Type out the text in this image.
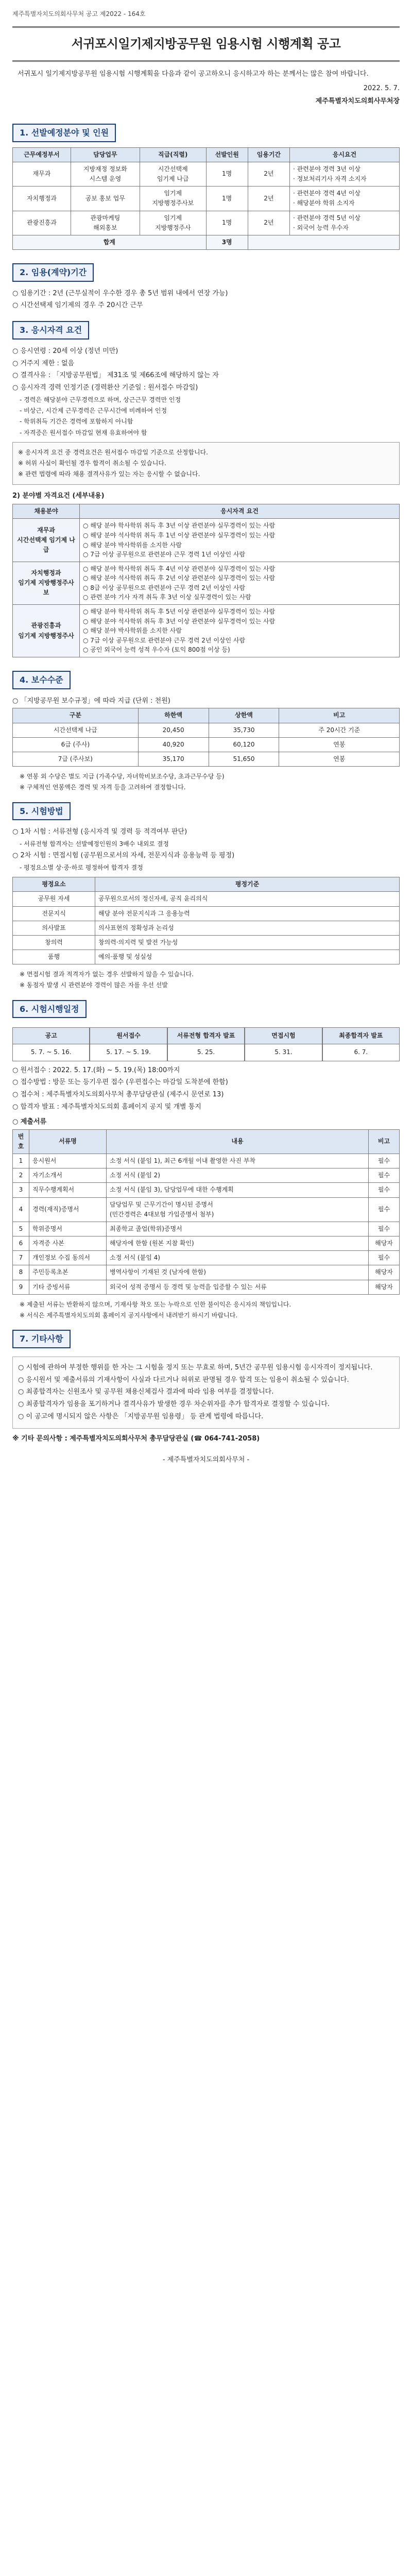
제주특별자치도의회사무처 공고 제2022 - 164호
서귀포시일기제지방공무원 임용시험 시행계획 공고
서귀포시 일기제지방공무원 임용시험 시행계획을 다음과 같이 공고하오니 응시하고자 하는 분께서는 많은 참여 바랍니다.
2022. 5. 7.
제주특별자치도의회사무처장
1. 선발예정분야 및 인원
근무예정부서	담당업무	직급(직렬)	선발인원	임용기간	응시요건
재무과	지방재정 정보화
시스템 운영	시간선택제
임기제 나급	1명	2년	· 관련분야 경력 3년 이상
· 정보처리기사 자격 소지자
자치행정과	공보 홍보 업무	임기제
지방행정주사보	1명	2년	· 관련분야 경력 4년 이상
· 해당분야 학위 소지자
관광진흥과	관광마케팅
해외홍보	임기제
지방행정주사	1명	2년	· 관련분야 경력 5년 이상
· 외국어 능력 우수자
합계			3명		
2. 임용(계약)기간
○ 임용기간 : 2년 (근무실적이 우수한 경우 총 5년 범위 내에서 연장 가능)
○ 시간선택제 임기제의 경우 주 20시간 근무
3. 응시자격 요건
○ 응시연령 : 20세 이상 (정년 미만)
○ 거주지 제한 : 없음
○ 결격사유 : 「지방공무원법」 제31조 및 제66조에 해당하지 않는 자
○ 응시자격 경력 인정기준 (경력환산 기준일 : 원서접수 마감일)
- 경력은 해당분야 근무경력으로 하며, 상근근무 경력만 인정
- 비상근, 시간제 근무경력은 근무시간에 비례하여 인정
- 학위취득 기간은 경력에 포함하지 아니함
- 자격증은 원서접수 마감일 현재 유효하여야 함
※ 응시자격 요건 중 경력요건은 원서접수 마감일 기준으로 산정합니다.
※ 허위 사실이 확인될 경우 합격이 취소될 수 있습니다.
※ 관련 법령에 따라 채용 결격사유가 있는 자는 응시할 수 없습니다.
2) 분야별 자격요건 (세부내용)
채용분야	응시자격 요건
재무과
시간선택제 임기제 나급	○ 해당 분야 학사학위 취득 후 3년 이상 관련분야 실무경력이 있는 사람
○ 해당 분야 석사학위 취득 후 1년 이상 관련분야 실무경력이 있는 사람
○ 해당 분야 박사학위를 소지한 사람
○ 7급 이상 공무원으로 관련분야 근무 경력 1년 이상인 사람
자치행정과
임기제 지방행정주사보	○ 해당 분야 학사학위 취득 후 4년 이상 관련분야 실무경력이 있는 사람
○ 해당 분야 석사학위 취득 후 2년 이상 관련분야 실무경력이 있는 사람
○ 8급 이상 공무원으로 관련분야 근무 경력 2년 이상인 사람
○ 관련 분야 기사 자격 취득 후 3년 이상 실무경력이 있는 사람
관광진흥과
임기제 지방행정주사	○ 해당 분야 학사학위 취득 후 5년 이상 관련분야 실무경력이 있는 사람
○ 해당 분야 석사학위 취득 후 3년 이상 관련분야 실무경력이 있는 사람
○ 해당 분야 박사학위를 소지한 사람
○ 7급 이상 공무원으로 관련분야 근무 경력 2년 이상인 사람
○ 공인 외국어 능력 성적 우수자 (토익 800점 이상 등)
4. 보수수준
○ 「지방공무원 보수규정」에 따라 지급 (단위 : 천원)
구분	하한액	상한액	비고
시간선택제 나급	20,450	35,730	주 20시간 기준
6급 (주사)	40,920	60,120	연봉
7급 (주사보)	35,170	51,650	연봉
※ 연봉 외 수당은 별도 지급 (가족수당, 자녀학비보조수당, 초과근무수당 등)
※ 구체적인 연봉액은 경력 및 자격 등을 고려하여 결정합니다.
5. 시험방법
○ 1차 시험 : 서류전형 (응시자격 및 경력 등 적격여부 판단)
- 서류전형 합격자는 선발예정인원의 3배수 내외로 결정
○ 2차 시험 : 면접시험 (공무원으로서의 자세, 전문지식과 응용능력 등 평정)
- 평정요소별 상·중·하로 평정하여 합격자 결정
평정요소	평정기준
공무원 자세	공무원으로서의 정신자세, 공직 윤리의식
전문지식	해당 분야 전문지식과 그 응용능력
의사발표	의사표현의 정확성과 논리성
창의력	창의력·의지력 및 발전 가능성
품행	예의·품행 및 성실성
※ 면접시험 결과 적격자가 없는 경우 선발하지 않을 수 있습니다.
※ 동점자 발생 시 관련분야 경력이 많은 자를 우선 선발
6. 시험시행일정
공고	원서접수	서류전형 합격자 발표	면접시험	최종합격자 발표
5. 7. ~ 5. 16.	5. 17. ~ 5. 19.	5. 25.	5. 31.	6. 7.
○ 원서접수 : 2022. 5. 17.(화) ~ 5. 19.(목) 18:00까지
○ 접수방법 : 방문 또는 등기우편 접수 (우편접수는 마감일 도착분에 한함)
○ 접수처 : 제주특별자치도의회사무처 총무담당관실 (제주시 문연로 13)
○ 합격자 발표 : 제주특별자치도의회 홈페이지 공지 및 개별 통지
○ 제출서류
번호	서류명	내용	비고
1	응시원서	소정 서식 (붙임 1), 최근 6개월 이내 촬영한 사진 부착	필수
2	자기소개서	소정 서식 (붙임 2)	필수
3	직무수행계획서	소정 서식 (붙임 3), 담당업무에 대한 수행계획	필수
4	경력(재직)증명서	담당업무 및 근무기간이 명시된 증명서
(민간경력은 4대보험 가입증명서 첨부)	필수
5	학위증명서	최종학교 졸업(학위)증명서	필수
6	자격증 사본	해당자에 한함 (원본 지참 확인)	해당자
7	개인정보 수집 동의서	소정 서식 (붙임 4)	필수
8	주민등록초본	병역사항이 기재된 것 (남자에 한함)	해당자
9	기타 증빙서류	외국어 성적 증명서 등 경력 및 능력을 입증할 수 있는 서류	해당자
※ 제출된 서류는 반환하지 않으며, 기재사항 착오 또는 누락으로 인한 불이익은 응시자의 책임입니다.
※ 서식은 제주특별자치도의회 홈페이지 공지사항에서 내려받기 하시기 바랍니다.
7. 기타사항
○ 시험에 관하여 부정한 행위를 한 자는 그 시험을 정지 또는 무효로 하며, 5년간 공무원 임용시험 응시자격이 정지됩니다.
○ 응시원서 및 제출서류의 기재사항이 사실과 다르거나 허위로 판명될 경우 합격 또는 임용이 취소될 수 있습니다.
○ 최종합격자는 신원조사 및 공무원 채용신체검사 결과에 따라 임용 여부를 결정합니다.
○ 최종합격자가 임용을 포기하거나 결격사유가 발생한 경우 차순위자를 추가 합격자로 결정할 수 있습니다.
○ 이 공고에 명시되지 않은 사항은 「지방공무원 임용령」 등 관계 법령에 따릅니다.
※ 기타 문의사항 : 제주특별자치도의회사무처 총무담당관실 (☎ 064-741-2058)
- 제주특별자치도의회사무처 -
